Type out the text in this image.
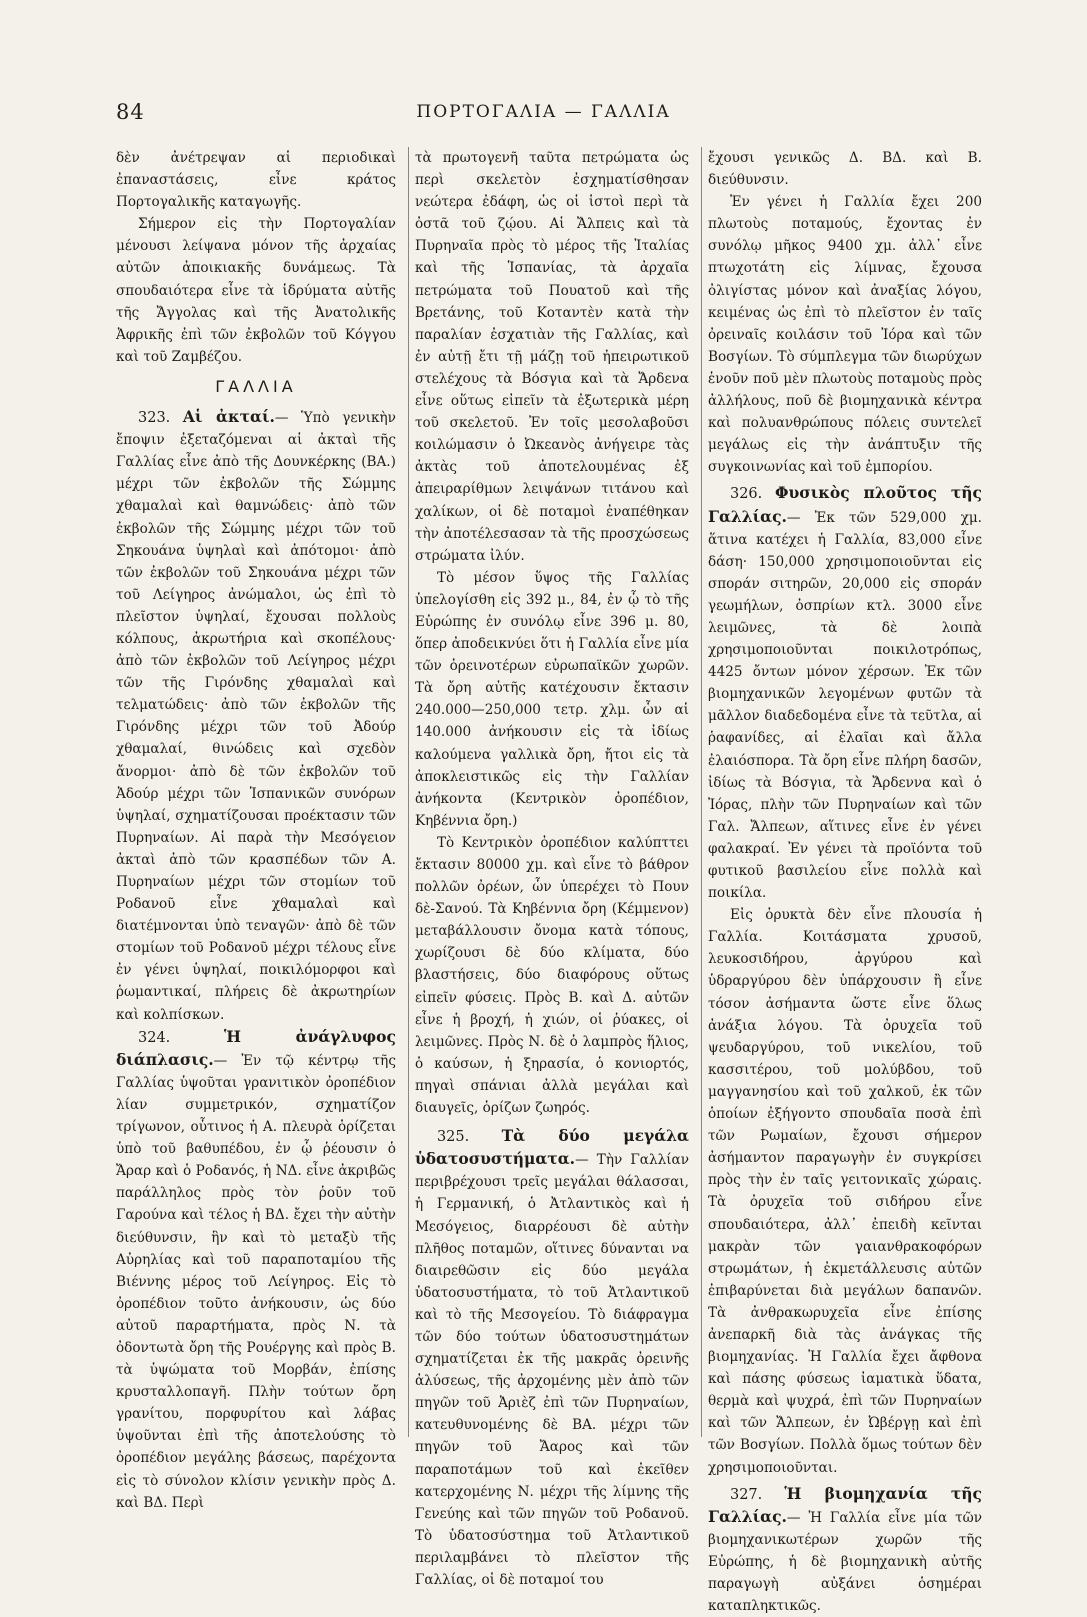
84	ΠΟΡΤΟΓΑΛΙΑ — ΓΑΛΛΙΑ

δὲν ἀνέτρεψαν αἱ περιοδικαὶ ἐπαναστάσεις, εἶνε κράτος Πορτογαλικῆς καταγωγῆς.

Σήμερον εἰς τὴν Πορτογαλίαν μένουσι λείψανα μόνον τῆς ἀρχαίας αὐτῶν ἀποικιακῆς δυνάμεως. Τὰ σπουδαιότερα εἶνε τὰ ἱδρύματα αὐτῆς τῆς Ἄγγολας καὶ τῆς Ἀνατολικῆς Ἀφρικῆς ἐπὶ τῶν ἐκβολῶν τοῦ Κόγγου καὶ τοῦ Ζαμβέζου.

ΓΑΛΛΙΑ

323. Αἱ ἀκταί.— Ὑπὸ γενικὴν ἔποψιν ἐξεταζόμεναι αἱ ἀκταὶ τῆς Γαλλίας εἶνε ἀπὸ τῆς Δουνκέρκης (ΒΑ.) μέχρι τῶν ἐκβολῶν τῆς Σώμμης χθαμαλαὶ καὶ θαμνώδεις· ἀπὸ τῶν ἐκβολῶν τῆς Σώμμης μέχρι τῶν τοῦ Σηκουάνα ὑψηλαὶ καὶ ἀπότομοι· ἀπὸ τῶν ἐκβολῶν τοῦ Σηκουάνα μέχρι τῶν τοῦ Λείγηρος ἀνώμαλοι, ὡς ἐπὶ τὸ πλεῖστον ὑψηλαί, ἔχουσαι πολλοὺς κόλπους, ἀκρωτήρια καὶ σκοπέλους· ἀπὸ τῶν ἐκβολῶν τοῦ Λείγηρος μέχρι τῶν τῆς Γιρόνδης χθαμαλαὶ καὶ τελματώδεις· ἀπὸ τῶν ἐκβολῶν τῆς Γιρόνδης μέχρι τῶν τοῦ Ἀδούρ χθαμαλαί, θινώδεις καὶ σχεδὸν ἄνορμοι· ἀπὸ δὲ τῶν ἐκβολῶν τοῦ Ἀδούρ μέχρι τῶν Ἱσπανικῶν συνόρων ὑψηλαί, σχηματίζουσαι προέκτασιν τῶν Πυρηναίων. Αἱ παρὰ τὴν Μεσόγειον ἀκταὶ ἀπὸ τῶν κρασπέδων τῶν Α. Πυρηναίων μέχρι τῶν στομίων τοῦ Ροδανοῦ εἶνε χθαμαλαὶ καὶ διατέμνονται ὑπὸ τεναγῶν· ἀπὸ δὲ τῶν στομίων τοῦ Ροδανοῦ μέχρι τέλους εἶνε ἐν γένει ὑψηλαί, ποικιλόμορφοι καὶ ῥωμαντικαί, πλήρεις δὲ ἀκρωτηρίων καὶ κολπίσκων.

324.	Ἡ ἀνάγλυφος διάπλασις.— Ἐν τῷ κέντρῳ τῆς Γαλλίας ὑψοῦται γρανιτικὸν ὀροπέδιον λίαν συμμετρικόν, σχηματίζον τρίγωνον, οὗτινος ἡ Α. πλευρὰ ὁρίζεται ὑπὸ τοῦ βαθυπέδου, ἐν ᾧ ῥέουσιν ὁ Ἄραρ καὶ ὁ Ροδανός, ἡ ΝΔ. εἶνε ἀκριβῶς παράλληλος πρὸς τὸν ῥοῦν τοῦ Γαρούνα καὶ τέλος ἡ ΒΔ. ἔχει τὴν αὐτὴν διεύθυνσιν, ἣν καὶ τὸ μεταξὺ τῆς Αὐρηλίας καὶ τοῦ παραποταμίου τῆς Βιέννης μέρος τοῦ Λείγηρος. Εἰς τὸ ὀροπέδιον τοῦτο ἀνήκουσιν, ὡς δύο αὐτοῦ παραρτήματα, πρὸς Ν. τὰ ὀδοντωτὰ ὄρη τῆς Ρουέργης καὶ πρὸς Β. τὰ ὑψώματα τοῦ Μορβάν, ἐπίσης κρυσταλλοπαγῆ. Πλὴν τούτων ὄρη γρανίτου, πορφυρίτου καὶ λάβας ὑψοῦνται ἐπὶ τῆς ἀποτελούσης τὸ ὀροπέδιον μεγάλης βάσεως, παρέχοντα εἰς τὸ σύνολον κλίσιν γενικὴν πρὸς Δ. καὶ ΒΔ. Περὶ

τὰ πρωτογενῆ ταῦτα πετρώματα ὡς περὶ σκελετὸν ἐσχηματίσθησαν νεώτερα ἐδάφη, ὡς οἱ ἱστοὶ περὶ τὰ ὀστᾶ τοῦ ζῴου. Αἱ Ἄλπεις καὶ τὰ Πυρηναῖα πρὸς τὸ μέρος τῆς Ἰταλίας καὶ τῆς Ἱσπανίας, τὰ ἀρχαῖα πετρώματα τοῦ Πουατοῦ καὶ τῆς Βρετάνης, τοῦ Κοταντὲν κατὰ τὴν παραλίαν ἐσχατιὰν τῆς Γαλλίας, καὶ ἐν αὐτῇ ἔτι τῇ μάζῃ τοῦ ἠπειρωτικοῦ στελέχους τὰ Βόσγια καὶ τὰ Ἄρδενα εἶνε οὕτως εἰπεῖν τὰ ἐξωτερικὰ μέρη τοῦ σκελετοῦ. Ἐν τοῖς μεσολαβοῦσι κοιλώμασιν ὁ Ὠκεανὸς ἀνήγειρε τὰς ἀκτὰς τοῦ ἀποτελουμένας ἐξ ἀπειραρίθμων λειψάνων τιτάνου καὶ χαλίκων, οἱ δὲ ποταμοὶ ἐναπέθηκαν τὴν ἀποτέλεσασαν τὰ τῆς προσχώσεως στρώματα ἰλύν.

Τὸ μέσον ὕψος τῆς Γαλλίας ὑπελογίσθη εἰς 392 μ., 84, ἐν ᾧ τὸ τῆς Εὐρώπης ἐν συνόλῳ εἶνε 396 μ. 80, ὅπερ ἀποδεικνύει ὅτι ἡ Γαλλία εἶνε μία τῶν ὀρεινοτέρων εὐρωπαϊκῶν χωρῶν. Τὰ ὄρη αὐτῆς κατέχουσιν ἔκτασιν 240.000—250,000 τετρ. χλμ. ὧν αἱ 140.000 ἀνήκουσιν εἰς τὰ ἰδίως καλούμενα γαλλικὰ ὄρη, ἤτοι εἰς τὰ ἀποκλειστικῶς εἰς τὴν Γαλλίαν ἀνήκοντα (Κεντρικὸν ὀροπέδιον, Κηβέννια ὄρη.)

Τὸ Κεντρικὸν ὀροπέδιον καλύπττει ἔκτασιν 80000 χμ. καὶ εἶνε τὸ βάθρον πολλῶν ὀρέων, ὧν ὑπερέχει τὸ Πουν δὲ-Σανού. Τὰ Κηβέννια ὄρη (Κέμμενον) μεταβάλλουσιν ὄνομα κατὰ τόπους, χωρίζουσι δὲ δύο κλίματα, δύο βλαστήσεις, δύο διαφόρους οὕτως εἰπεῖν φύσεις. Πρὸς Β. καὶ Δ. αὐτῶν εἶνε ἡ βροχή, ἡ χιών, οἱ ῥύακες, οἱ λειμῶνες. Πρὸς Ν. δὲ ὁ λαμπρὸς ἥλιος, ὁ καύσων, ἡ ξηρασία, ὁ κονιορτός, πηγαὶ σπάνιαι ἀλλὰ μεγάλαι καὶ διαυγεῖς, ὁρίζων ζωηρός.

325. Τὰ δύο μεγάλα ὑδατοσυστήματα.— Τὴν Γαλλίαν περιβρέχουσι τρεῖς μεγάλαι θάλασσαι, ἡ Γερμανική, ὁ Ἀτλαντικὸς καὶ ἡ Μεσόγειος, διαρρέουσι δὲ αὐτὴν πλῆθος ποταμῶν, οἵτινες δύνανται να διαιρεθῶσιν εἰς δύο μεγάλα ὑδατοσυστήματα, τὸ τοῦ Ἀτλαντικοῦ καὶ τὸ τῆς Μεσογείου. Τὸ διάφραγμα τῶν δύο τούτων ὑδατοσυστημάτων σχηματίζεται ἐκ τῆς μακρᾶς ὀρεινῆς ἀλύσεως, τῆς ἀρχομένης μὲν ἀπὸ τῶν πηγῶν τοῦ Ἀριὲζ ἐπὶ τῶν Πυρηναίων, κατευθυνομένης δὲ ΒΑ. μέχρι τῶν πηγῶν τοῦ Ἄαρος καὶ τῶν παραποτάμων τοῦ καὶ ἐκεῖθεν κατερχομένης Ν. μέχρι τῆς λίμνης τῆς Γενεύης καὶ τῶν πηγῶν τοῦ Ροδανοῦ. Τὸ ὑδατοσύστημα τοῦ Ἀτλαντικοῦ περιλαμβάνει τὸ πλεῖστον τῆς Γαλλίας, οἱ δὲ ποταμοί του

ἔχουσι γενικῶς Δ. ΒΔ. καὶ Β. διεύθυνσιν.

Ἐν γένει ἡ Γαλλία ἔχει 200 πλωτοὺς ποταμούς, ἔχοντας ἐν συνόλῳ μῆκος 9400 χμ. ἀλλ᾽ εἶνε πτωχοτάτη εἰς λίμνας, ἔχουσα ὀλιγίστας μόνον καὶ ἀναξίας λόγου, κειμένας ὡς ἐπὶ τὸ πλεῖστον ἐν ταῖς ὀρειναῖς κοιλάσιν τοῦ Ἰόρα καὶ τῶν Βοσγίων. Τὸ σύμπλεγμα τῶν διωρύχων ἑνοῦν ποῦ μὲν πλωτοὺς ποταμοὺς πρὸς ἀλλήλους, ποῦ δὲ βιομηχανικὰ κέντρα καὶ πολυανθρώπους πόλεις συντελεῖ μεγάλως εἰς τὴν ἀνάπτυξιν τῆς συγκοινωνίας καὶ τοῦ ἐμπορίου.

326. Φυσικὸς πλοῦτος τῆς Γαλλίας.— Ἐκ τῶν 529,000 χμ. ἅτινα κατέχει ἡ Γαλλία, 83,000 εἶνε δάση· 150,000 χρησιμοποιοῦνται εἰς σποράν σιτηρῶν, 20,000 εἰς σποράν γεωμήλων, ὀσπρίων κτλ. 3000 εἶνε λειμῶνες, τὰ δὲ λοιπὰ χρησιμοποιοῦνται ποικιλοτρόπως, 4425 ὄντων μόνον χέρσων. Ἐκ τῶν βιομηχανικῶν λεγομένων φυτῶν τὰ μᾶλλον διαδεδομένα εἶνε τὰ τεῦτλα, αἱ ῥαφανίδες, αἱ ἐλαῖαι καὶ ἄλλα ἐλαιόσπορα. Τὰ ὄρη εἶνε πλήρη δασῶν, ἰδίως τὰ Βόσγια, τὰ Ἄρδεννα καὶ ὁ Ἰόρας, πλὴν τῶν Πυρηναίων καὶ τῶν Γαλ. Ἄλπεων, αἵτινες εἶνε ἐν γένει φαλακραί. Ἐν γένει τὰ προϊόντα τοῦ φυτικοῦ βασιλείου εἶνε πολλὰ καὶ ποικίλα.

Εἰς ὀρυκτὰ δὲν εἶνε πλουσία ἡ Γαλλία. Κοιτάσματα χρυσοῦ, λευκοσιδήρου, ἀργύρου καὶ ὑδραργύρου δὲν ὑπάρχουσιν ἢ εἶνε τόσον ἀσήμαντα ὥστε εἶνε ὅλως ἀνάξια λόγου. Τὰ ὀρυχεῖα τοῦ ψευδαργύρου, τοῦ νικελίου, τοῦ κασσιτέρου, τοῦ μολύβδου, τοῦ μαγγανησίου καὶ τοῦ χαλκοῦ, ἐκ τῶν ὁποίων ἐξήγοντο σπουδαῖα ποσὰ ἐπὶ τῶν Ρωμαίων, ἔχουσι σήμερον ἀσήμαντον παραγωγὴν ἐν συγκρίσει πρὸς τὴν ἐν ταῖς γειτονικαῖς χώραις. Τὰ ὀρυχεῖα τοῦ σιδήρου εἶνε σπουδαιότερα, ἀλλ᾽ ἐπειδὴ κεῖνται μακρὰν τῶν γαιανθρακοφόρων στρωμάτων, ἡ ἐκμετάλλευσις αὐτῶν ἐπιβαρύνεται διὰ μεγάλων δαπανῶν. Τὰ ἀνθρακωρυχεῖα εἶνε ἐπίσης ἀνεπαρκῆ διὰ τὰς ἀνάγκας τῆς βιομηχανίας. Ἡ Γαλλία ἔχει ἄφθονα καὶ πάσης φύσεως ἰαματικὰ ὕδατα, θερμὰ καὶ ψυχρά, ἐπὶ τῶν Πυρηναίων καὶ τῶν Ἄλπεων, ἐν Ὠβέργῃ καὶ ἐπὶ τῶν Βοσγίων. Πολλὰ ὅμως τούτων δὲν χρησιμοποιοῦνται.

327. Ἡ βιομηχανία τῆς Γαλλίας.— Ἡ Γαλλία εἶνε μία τῶν βιομηχανικωτέρων χωρῶν τῆς Εὐρώπης, ἡ δὲ βιομηχανικὴ αὐτῆς παραγωγὴ αὐξάνει ὁσημέραι καταπληκτικῶς.
